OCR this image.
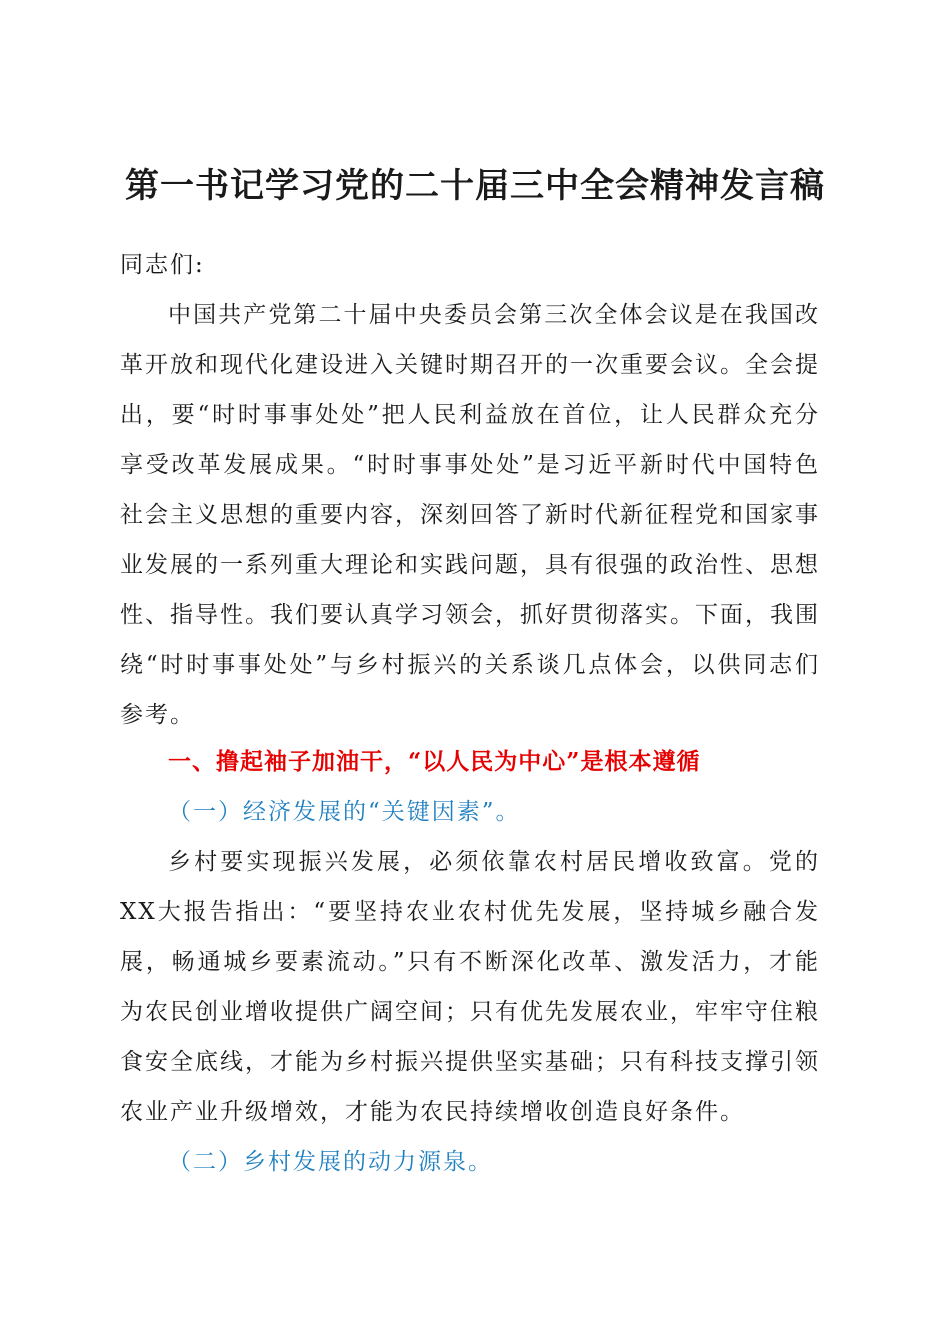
第一书记学习党的二十届三中全会精神发言稿

同志们:

中国共产党第二十届中央委员会第三次全体会议是在我国改革开放和现代化建设进入关键时期召开的一次重要会议。全会提出，要“时时事事处处”把人民利益放在首位，让人民群众充分享受改革发展成果。“时时事事处处”是习近平新时代中国特色社会主义思想的重要内容，深刻回答了新时代新征程党和国家事业发展的一系列重大理论和实践问题，具有很强的政治性、思想性、指导性。我们要认真学习领会，抓好贯彻落实。下面，我围绕“时时事事处处”与乡村振兴的关系谈几点体会，以供同志们参考。

一、撸起袖子加油干，“以人民为中心”是根本遵循

（一）经济发展的“关键因素”。

乡村要实现振兴发展，必须依靠农村居民增收致富。党的XX大报告指出：“要坚持农业农村优先发展，坚持城乡融合发展，畅通城乡要素流动。”只有不断深化改革、激发活力，才能为农民创业增收提供广阔空间；只有优先发展农业，牢牢守住粮食安全底线，才能为乡村振兴提供坚实基础；只有科技支撑引领农业产业升级增效，才能为农民持续增收创造良好条件。

（二）乡村发展的动力源泉。
